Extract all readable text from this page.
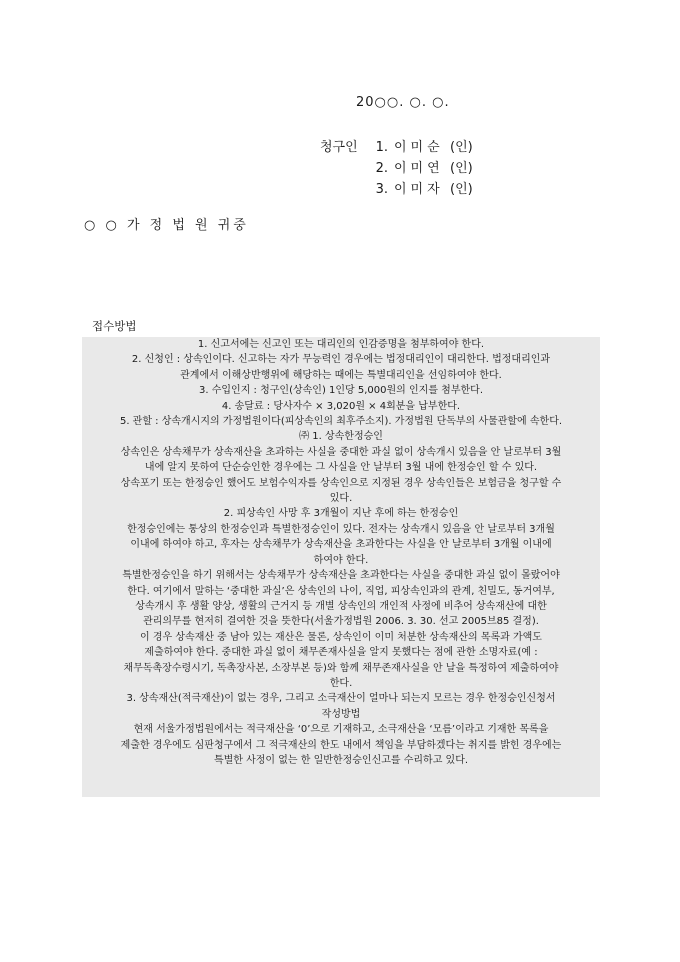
20○○. ○. ○.
청구인 1. 이미순 (인)
2. 이미연 (인)
3. 이미자 (인)
○ ○ 가 정 법 원 귀중
접수방법
1. 신고서에는 신고인 또는 대리인의 인감증명을 첨부하여야 한다.
2. 신청인 : 상속인이다. 신고하는 자가 무능력인 경우에는 법정대리인이 대리한다. 법정대리인과
관계에서 이해상반행위에 해당하는 때에는 특별대리인을 선임하여야 한다.
3. 수입인지 : 청구인(상속인) 1인당 5,000원의 인지를 첨부한다.
4. 송달료 : 당사자수 × 3,020원 × 4회분을 납부한다.
5. 관할 : 상속개시지의 가정법원이다(피상속인의 최후주소지). 가정법원 단독부의 사물관할에 속한다.
㈜ 1. 상속한정승인
상속인은 상속채무가 상속재산을 초과하는 사실을 중대한 과실 없이 상속개시 있음을 안 날로부터 3월
내에 알지 못하여 단순승인한 경우에는 그 사실을 안 날부터 3월 내에 한정승인 할 수 있다.
상속포기 또는 한정승인 했어도 보험수익자를 상속인으로 지정된 경우 상속인들은 보험금을 청구할 수
있다.
2. 피상속인 사망 후 3개월이 지난 후에 하는 한정승인
한정승인에는 통상의 한정승인과 특별한정승인이 있다. 전자는 상속개시 있음을 안 날로부터 3개월
이내에 하여야 하고, 후자는 상속채무가 상속재산을 초과한다는 사실을 안 날로부터 3개월 이내에
하여야 한다.
특별한정승인을 하기 위해서는 상속채무가 상속재산을 초과한다는 사실을 중대한 과실 없이 몰랐어야
한다. 여기에서 말하는 ‘중대한 과실’은 상속인의 나이, 직업, 피상속인과의 관계, 친밀도, 동거여부,
상속개시 후 생활 양상, 생활의 근거지 등 개별 상속인의 개인적 사정에 비추어 상속재산에 대한
관리의무를 현저히 결여한 것을 뜻한다(서울가정법원 2006. 3. 30. 선고 2005브85 결정).
이 경우 상속재산 중 남아 있는 재산은 물론, 상속인이 이미 처분한 상속재산의 목록과 가액도
제출하여야 한다. 중대한 과실 없이 채무존재사실을 알지 못했다는 점에 관한 소명자료(예 :
채무독촉장수령시기, 독촉장사본, 소장부본 등)와 함께 채무존재사실을 안 날을 특정하여 제출하여야
한다.
3. 상속재산(적극재산)이 없는 경우, 그리고 소극재산이 얼마나 되는지 모르는 경우 한정승인신청서
작성방법
현재 서울가정법원에서는 적극재산을 ‘0’으로 기재하고, 소극재산을 ‘모름’이라고 기재한 목록을
제출한 경우에도 심판청구에서 그 적극재산의 한도 내에서 책임을 부담하겠다는 취지를 밝힌 경우에는
특별한 사정이 없는 한 일반한정승인신고를 수리하고 있다.
